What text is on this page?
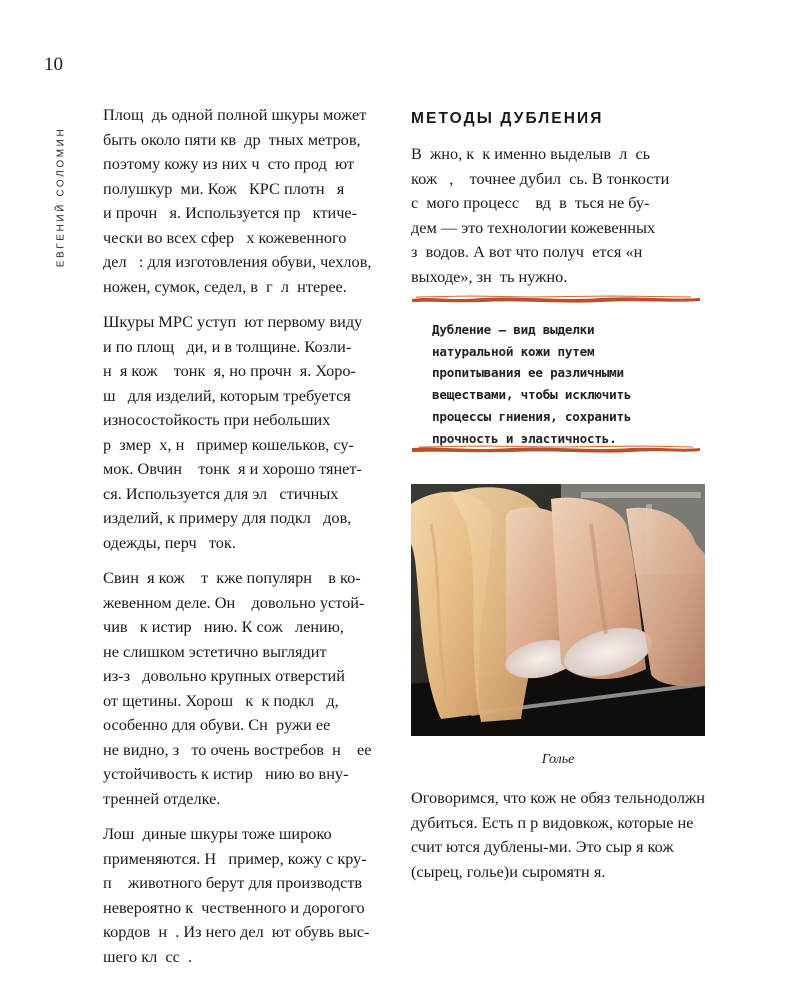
10
ЕВГЕНИЙ СОЛОМИН

Площ  дь одной полной шкуры может
быть около пяти кв  др  тных метров,
поэтому кожу из них ч  сто прод  ют
полушкур  ми. Кож   КРС плотн   я
и прочн   я. Используется пр   ктиче-
чески во всех сфер   х кожевенного
дел   : для изготовления обуви, чехлов,
ножен, сумок, седел, в  г  л  нтерее.

Шкуры МРС уступ  ют первому виду
и по площ   ди, и в толщине. Козли-
н  я кож    тонк  я, но прочн  я. Хоро-
ш   для изделий, которым требуется
износостойкость при небольших
р  змер  х, н   пример кошельков, су-
мок. Овчин    тонк  я и хорошо тянет-
ся. Используется для эл   стичных
изделий, к примеру для подкл   дов,
одежды, перч   ток.

Свин  я кож    т  кже популярн    в ко-
жевенном деле. Он    довольно устой-
чив   к истир   нию. К сож   лению,
не слишком эстетично выглядит
из-з   довольно крупных отверстий
от щетины. Хорош   к  к подкл   д,
особенно для обуви. Сн  ружи ее
не видно, з   то очень востребов  н    ее
устойчивость к истир   нию во вну-
тренней отделке.

Лош  диные шкуры тоже широко
применяются. Н   пример, кожу с кру-
п    животного берут для производств
невероятно к  чественного и дорогого
кордов  н  . Из него дел  ют обувь выс-
шего кл  сс  .

МЕТОДЫ ДУБЛЕНИЯ

В  жно, к  к именно выделыв  л  сь
кож   ,    точнее дубил  сь. В тонкости
с  мого процесс    вд  в  ться не бу-
дем — это технологии кожевенных
з  водов. А вот что получ  ется «н
выходе», зн  ть нужно.

Дубление — вид выделки
натуральной кожи путем
пропитывания ее различными
веществами, чтобы исключить
процессы гниения, сохранить
прочность и эластичность.
Голье

Оговоримся, что кож не обяз тельнодолжн дубиться. Есть п р видовкож, которые не счит ются дублены-ми. Это сыр я кож (сырец, голье)и сыромятн я.
